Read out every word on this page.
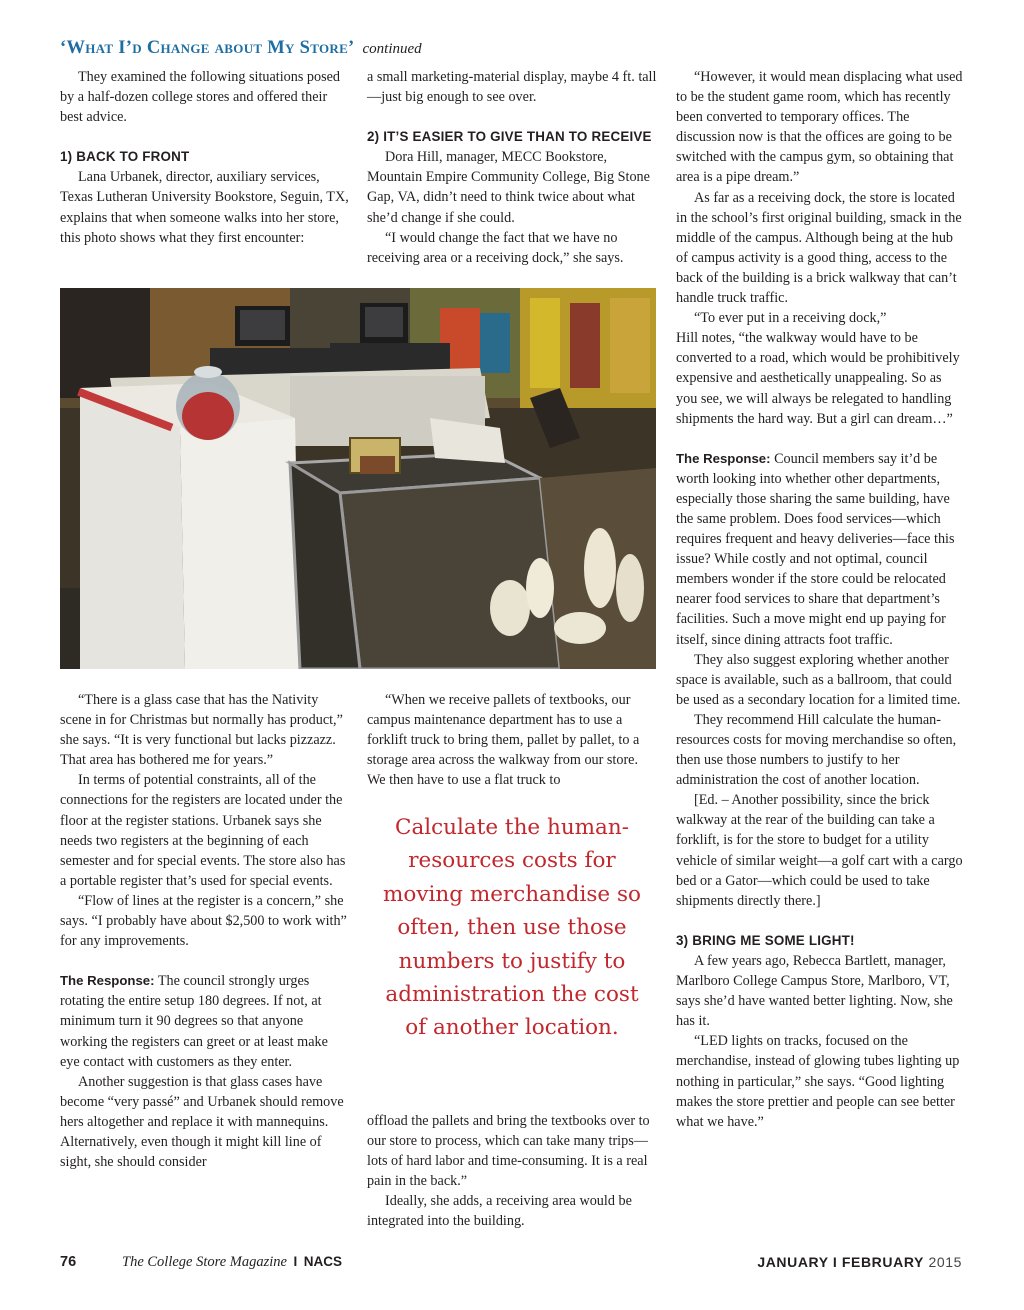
‘What I’d Change about My Store’ continued

They examined the following situations posed by a half-dozen college stores and offered their best advice.

1) BACK TO FRONT

Lana Urbanek, director, auxiliary services, Texas Lutheran University Bookstore, Seguin, TX, explains that when someone walks into her store, this photo shows what they first encounter:

a small marketing-material display, maybe 4 ft. tall—just big enough to see over.

2) IT’S EASIER TO GIVE THAN TO RECEIVE

Dora Hill, manager, MECC Bookstore, Mountain Empire Community College, Big Stone Gap, VA, didn’t need to think twice about what she’d change if she could.

“I would change the fact that we have no receiving area or a receiving dock,” she says.

“There is a glass case that has the Nativity scene in for Christmas but normally has product,” she says. “It is very functional but lacks pizzazz. That area has bothered me for years.”

In terms of potential constraints, all of the connections for the registers are located under the floor at the register stations. Urbanek says she needs two registers at the beginning of each semester and for special events. The store also has a portable register that’s used for special events.

“Flow of lines at the register is a concern,” she says. “I probably have about $2,500 to work with” for any improvements.

The Response: The council strongly urges rotating the entire setup 180 degrees. If not, at minimum turn it 90 degrees so that anyone working the registers can greet or at least make eye contact with customers as they enter.

Another suggestion is that glass cases have become “very passé” and Urbanek should remove hers altogether and replace it with mannequins. Alternatively, even though it might kill line of sight, she should consider

“When we receive pallets of textbooks, our campus maintenance department has to use a forklift truck to bring them, pallet by pallet, to a storage area across the walkway from our store. We then have to use a flat truck to

Calculate the human-resources costs for moving merchandise so often, then use those numbers to justify to administration the cost of another location.

offload the pallets and bring the textbooks over to our store to process, which can take many trips—lots of hard labor and time-consuming. It is a real pain in the back.”

Ideally, she adds, a receiving area would be integrated into the building.

“However, it would mean displacing what used to be the student game room, which has recently been converted to temporary offices. The discussion now is that the offices are going to be switched with the campus gym, so obtaining that area is a pipe dream.”

As far as a receiving dock, the store is located in the school’s first original building, smack in the middle of the campus. Although being at the hub of campus activity is a good thing, access to the back of the building is a brick walkway that can’t handle truck traffic.

“To ever put in a receiving dock,”

Hill notes, “the walkway would have to be converted to a road, which would be prohibitively expensive and aesthetically unappealing. So as you see, we will always be relegated to handling shipments the hard way. But a girl can dream…”

The Response: Council members say it’d be worth looking into whether other departments, especially those sharing the same building, have the same problem. Does food services—which requires frequent and heavy deliveries—face this issue? While costly and not optimal, council members wonder if the store could be relocated nearer food services to share that department’s facilities. Such a move might end up paying for itself, since dining attracts foot traffic.

They also suggest exploring whether another space is available, such as a ballroom, that could be used as a secondary location for a limited time.

They recommend Hill calculate the human-resources costs for moving merchandise so often, then use those numbers to justify to her administration the cost of another location.

[Ed. – Another possibility, since the brick walkway at the rear of the building can take a forklift, is for the store to budget for a utility vehicle of similar weight—a golf cart with a cargo bed or a Gator—which could be used to take shipments directly there.]

3) BRING ME SOME LIGHT!

A few years ago, Rebecca Bartlett, manager, Marlboro College Campus Store, Marlboro, VT, says she’d have wanted better lighting. Now, she has it.

“LED lights on tracks, focused on the merchandise, instead of glowing tubes lighting up nothing in particular,” she says. “Good lighting makes the store prettier and people can see better what we have.”

76	The College Store Magazine I NACS	JANUARY I FEBRUARY 2015
